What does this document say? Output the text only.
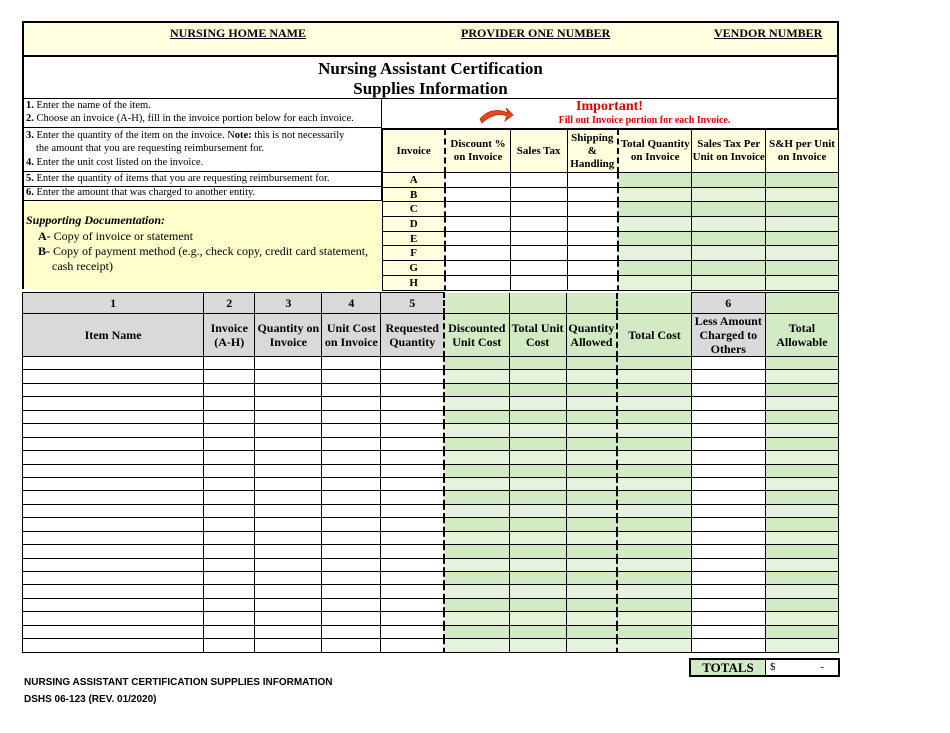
NURSING HOME NAME	PROVIDER ONE NUMBER	VENDOR NUMBER
Nursing Assistant Certification
Supplies Information
1. Enter the name of the item.
2. Choose an invoice (A-H), fill in the invoice portion below for each invoice.
3. Enter the quantity of the item on the invoice. Note: this is not necessarily
the amount that you are requesting reimbursement for.
4. Enter the unit cost listed on the invoice.
5. Enter the quantity of items that you are requesting reimbursement for.
6. Enter the amount that was charged to another entity.
Supporting Documentation:
A- Copy of invoice or statement
B- Copy of payment method (e.g., check copy, credit card statement,
cash receipt)
Important!
Fill out Invoice portion for each Invoice.
Invoice	Discount % on Invoice	Sales Tax	Shipping & Handling	Total Quantity on Invoice	Sales Tax Per Unit on Invoice	S&H per Unit on Invoice
A						
B						
C						
D						
E						
F						
G						
H						
1	2	3	4	5					6	
Item Name	Invoice (A-H)	Quantity on Invoice	Unit Cost on Invoice	Requested Quantity	Discounted Unit Cost	Total Unit Cost	Quantity Allowed	Total Cost	Less Amount Charged to Others	Total Allowable

TOTALS	$	-
NURSING ASSISTANT CERTIFICATION SUPPLIES INFORMATION
DSHS 06-123 (REV. 01/2020)
